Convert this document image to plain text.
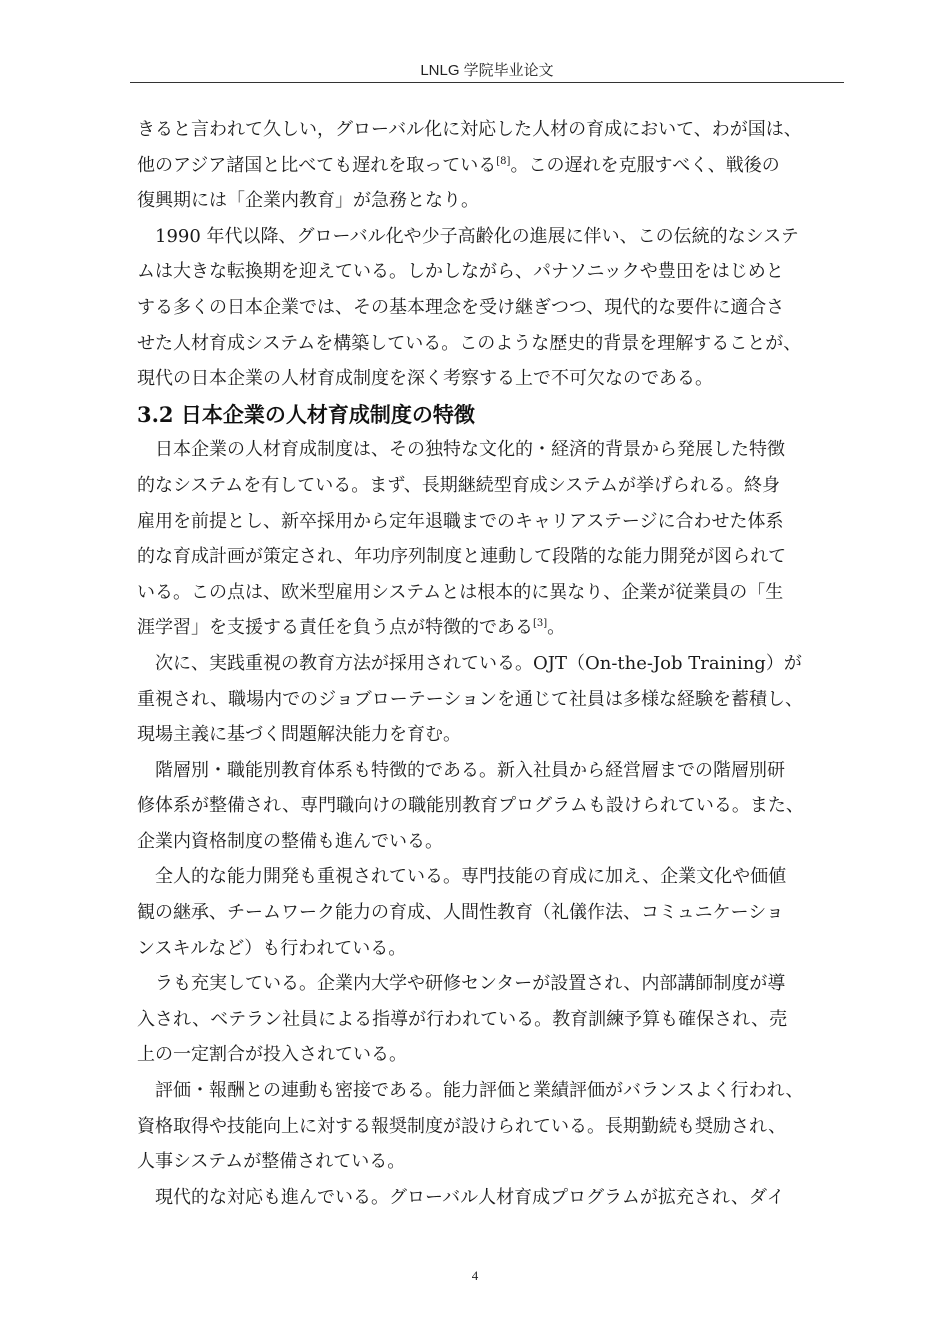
LNLG 学院毕业论文
きると言われて久しい，グローバル化に対応した人材の育成において、わが国は、
他のアジア諸国と比べても遅れを取っている[8]。この遅れを克服すべく、戦後の
復興期には「企業内教育」が急務となり。
1990 年代以降、グローバル化や少子高齢化の進展に伴い、この伝統的なシステ
ムは大きな転換期を迎えている。しかしながら、パナソニックや豊田をはじめと
する多くの日本企業では、その基本理念を受け継ぎつつ、現代的な要件に適合さ
せた人材育成システムを構築している。このような歴史的背景を理解することが、
現代の日本企業の人材育成制度を深く考察する上で不可欠なのである。
3.2 日本企業の人材育成制度の特徴
日本企業の人材育成制度は、その独特な文化的・経済的背景から発展した特徴
的なシステムを有している。まず、長期継続型育成システムが挙げられる。終身
雇用を前提とし、新卒採用から定年退職までのキャリアステージに合わせた体系
的な育成計画が策定され、年功序列制度と連動して段階的な能力開発が図られて
いる。この点は、欧米型雇用システムとは根本的に異なり、企業が従業員の「生
涯学習」を支援する責任を負う点が特徴的である[3]。
次に、実践重視の教育方法が採用されている。OJT（On-the-Job Training）が
重視され、職場内でのジョブローテーションを通じて社員は多様な経験を蓄積し、
現場主義に基づく問題解決能力を育む。
階層別・職能別教育体系も特徴的である。新入社員から経営層までの階層別研
修体系が整備され、専門職向けの職能別教育プログラムも設けられている。また、
企業内資格制度の整備も進んでいる。
全人的な能力開発も重視されている。専門技能の育成に加え、企業文化や価値
観の継承、チームワーク能力の育成、人間性教育（礼儀作法、コミュニケーショ
ンスキルなど）も行われている。
ラも充実している。企業内大学や研修センターが設置され、内部講師制度が導
入され、ベテラン社員による指導が行われている。教育訓練予算も確保され、売
上の一定割合が投入されている。
評価・報酬との連動も密接である。能力評価と業績評価がバランスよく行われ、
資格取得や技能向上に対する報奨制度が設けられている。長期勤続も奨励され、
人事システムが整備されている。
現代的な対応も進んでいる。グローバル人材育成プログラムが拡充され、ダイ
4
